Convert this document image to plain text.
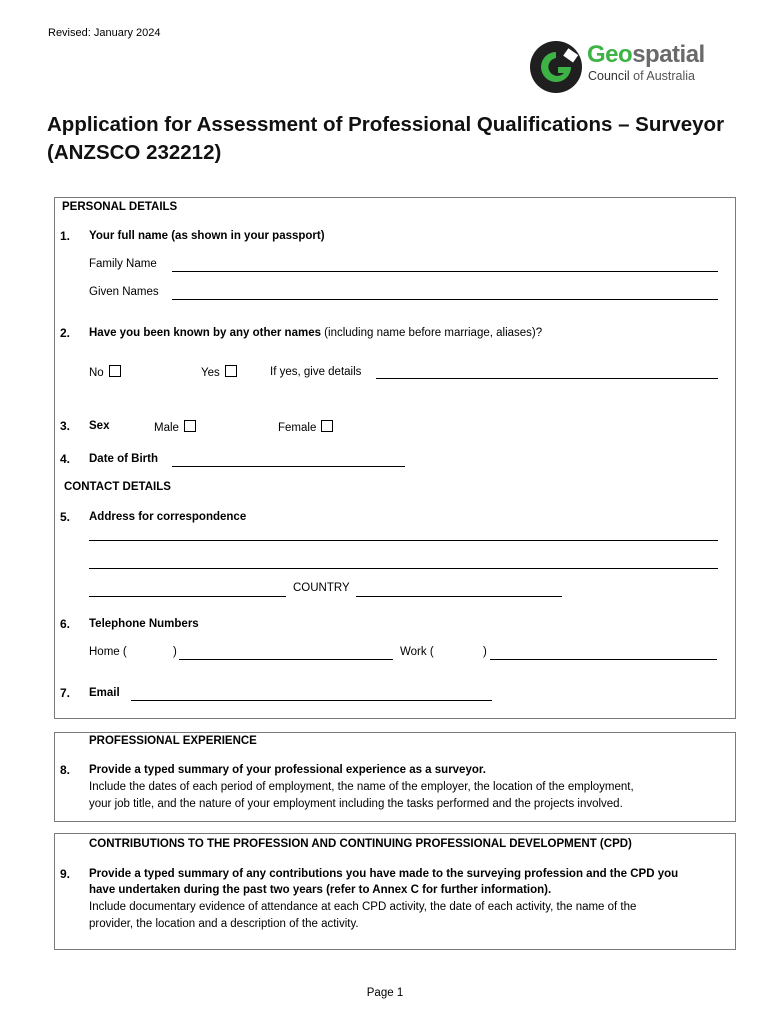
Revised: January 2024
Geospatial
Council of Australia
Application for Assessment of Professional Qualifications – Surveyor (ANZSCO 232212)
PERSONAL DETAILS
1. Your full name (as shown in your passport)
Family Name
Given Names
2. Have you been known by any other names (including name before marriage, aliases)?
No	Yes	If yes, give details
3. Sex	Male	Female
4. Date of Birth
CONTACT DETAILS
5. Address for correspondence
COUNTRY
6. Telephone Numbers
Home (	)	Work (	)
7. Email
PROFESSIONAL EXPERIENCE
8. Provide a typed summary of your professional experience as a surveyor.
Include the dates of each period of employment, the name of the employer, the location of the employment,
your job title, and the nature of your employment including the tasks performed and the projects involved.
CONTRIBUTIONS TO THE PROFESSION AND CONTINUING PROFESSIONAL DEVELOPMENT (CPD)
9. Provide a typed summary of any contributions you have made to the surveying profession and the CPD you
have undertaken during the past two years (refer to Annex C for further information).
Include documentary evidence of attendance at each CPD activity, the date of each activity, the name of the
provider, the location and a description of the activity.
Page 1
